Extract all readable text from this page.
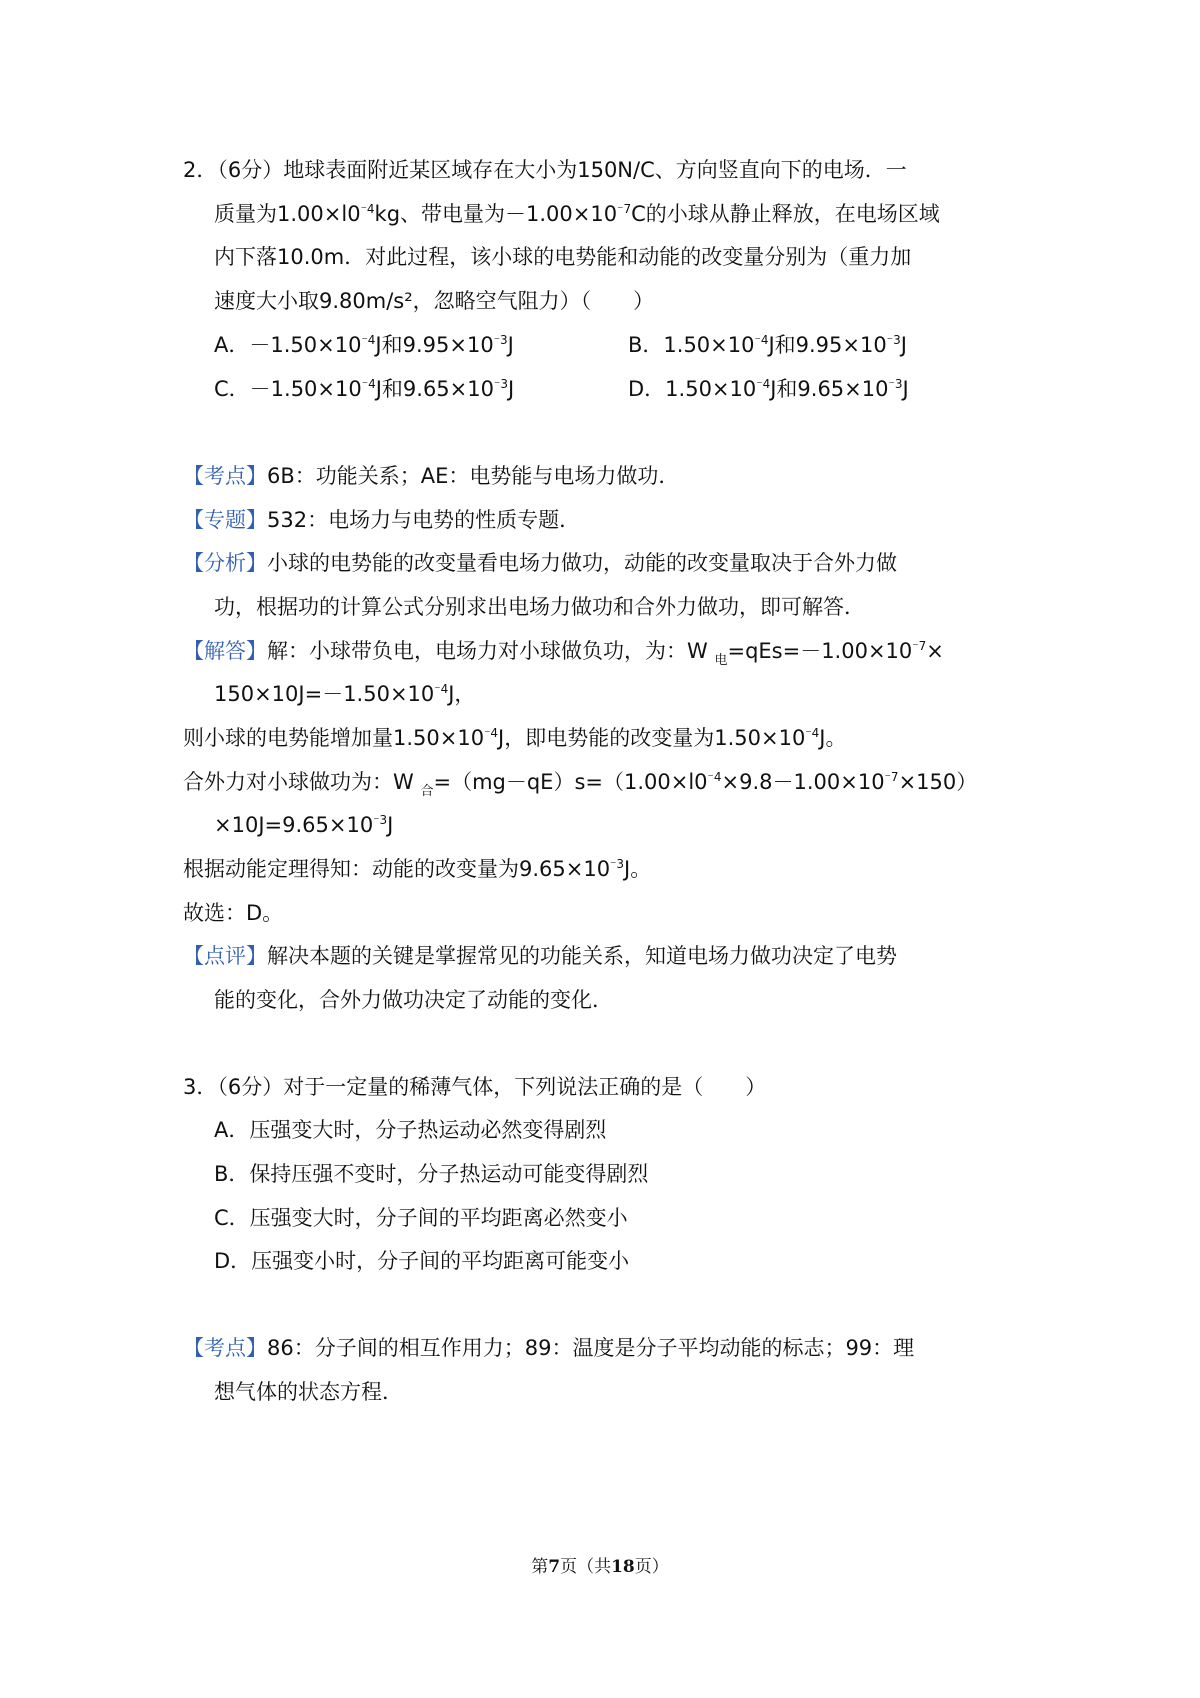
2．（6分）地球表面附近某区域存在大小为150N/C、方向竖直向下的电场．一

质量为$1.00\times l0^{^-4}kg$、带电量为$-1.00\times 10^{^-7}C$的小球从静止释放，在电场区域

内下落10.0m．对此过程，该小球的电势能和动能的改变量分别为（重力加

速度大小取9.80m/s²，忽略空气阻力）（　　）

A．$-1.50\times 10^{^-4}J$和$9.95\times 10^{^-3}J$	B．$1.50\times 10^{^-4}J$和$9.95\times 10^{^-3}J$

C．$-1.50\times 10^{^-4}J$和$9.65\times 10^{^-3}J$	D．$1.50\times 10^{^-4}J$和$9.65\times 10^{^-3}J$

【考点】6B：功能关系；AE：电势能与电场力做功．

【专题】532：电场力与电势的性质专题．

【分析】小球的电势能的改变量看电场力做功，动能的改变量取决于合外力做

功，根据功的计算公式分别求出电场力做功和合外力做功，即可解答．

【解答】解：小球带负电，电场力对小球做负功，为：W $_电=qEs=-1.00\times 10^{^-7}\times$

$150\times 10J=-1.50\times 10^{^-4}J$，

则小球的电势能增加量$1.50\times 10^{^-4}J$，即电势能的改变量为$1.50\times 10^{^-4}J$。

合外力对小球做功为：W $_合=(mg-qE)s=(1.00\times l0^{^-4}\times 9.8-1.00\times 10^{^-7}\times 150)$

$\times 10J=9.65\times 10^{^-3}J$

根据动能定理得知：动能的改变量为$9.65\times 10^{^-3}J$。

故选：D。

【点评】解决本题的关键是掌握常见的功能关系，知道电场力做功决定了电势

能的变化，合外力做功决定了动能的变化．

3．（6分）对于一定量的稀薄气体，下列说法正确的是（　　）

A．压强变大时，分子热运动必然变得剧烈

B．保持压强不变时，分子热运动可能变得剧烈

C．压强变大时，分子间的平均距离必然变小

D．压强变小时，分子间的平均距离可能变小

【考点】86：分子间的相互作用力；89：温度是分子平均动能的标志；99：理

想气体的状态方程．

第7页（共18页）
